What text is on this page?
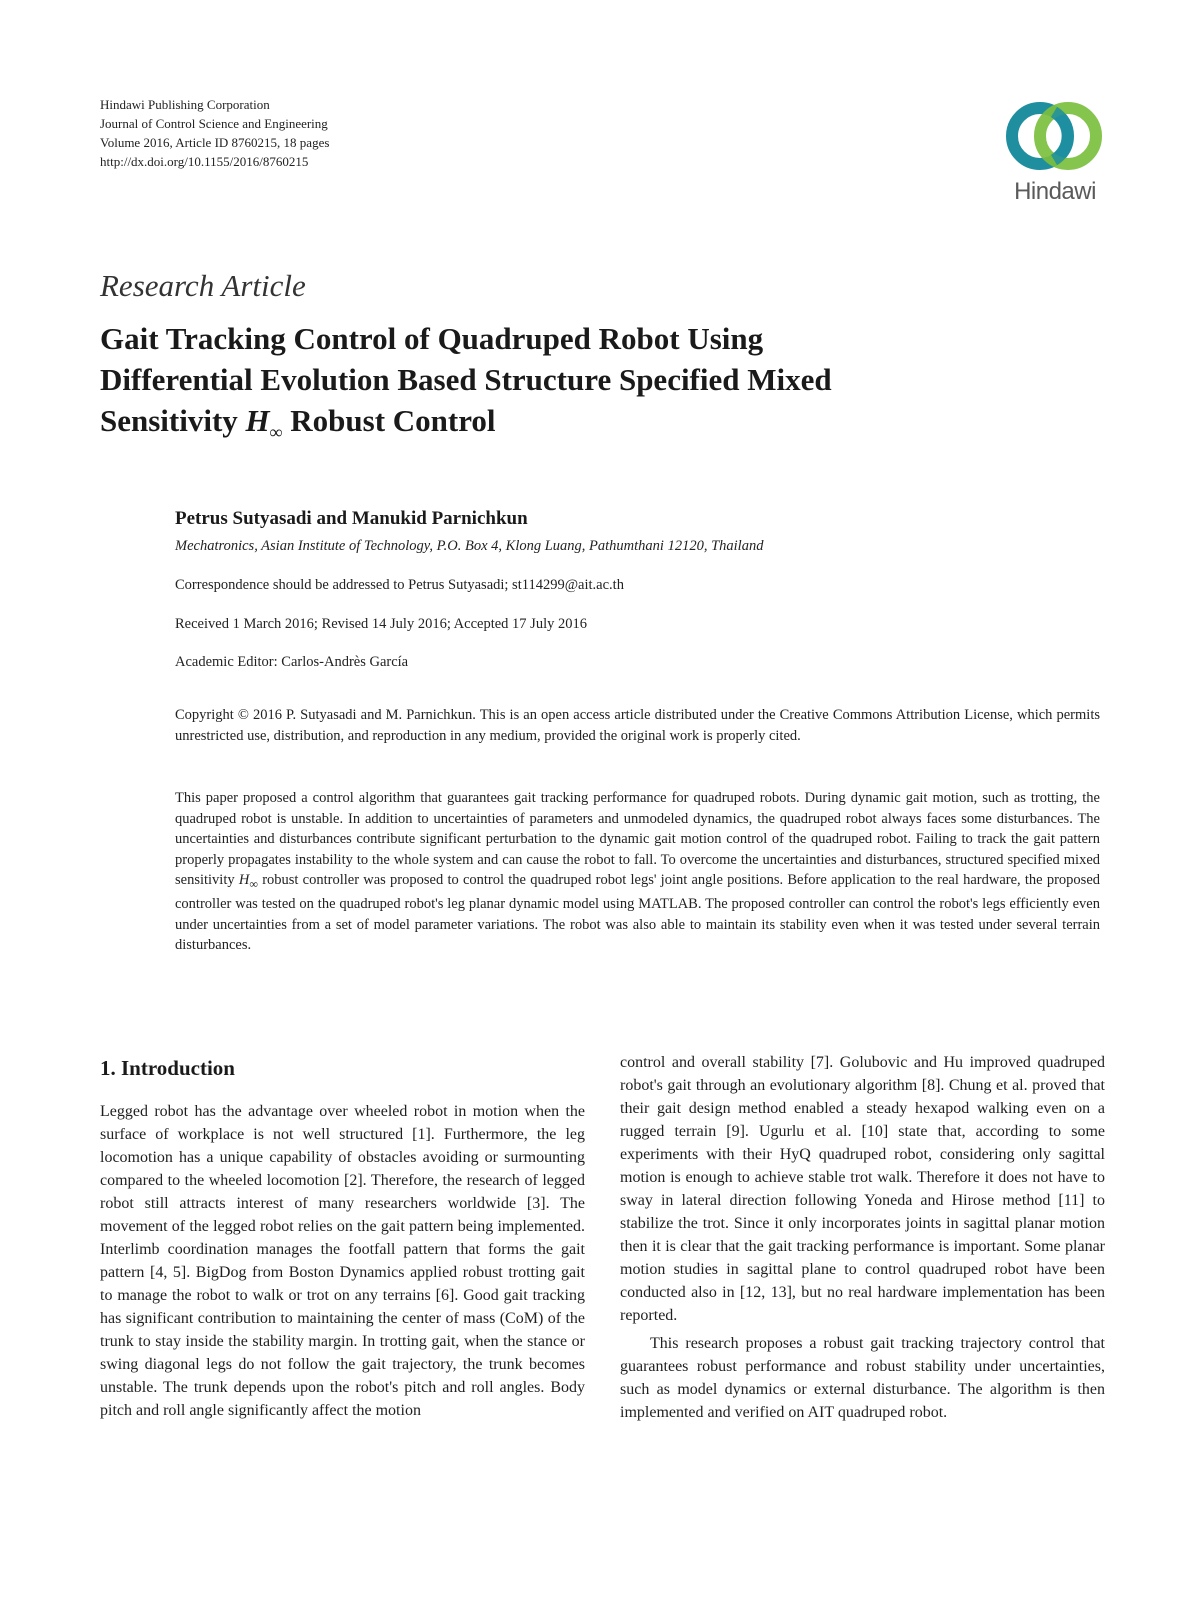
Hindawi Publishing Corporation
Journal of Control Science and Engineering
Volume 2016, Article ID 8760215, 18 pages
http://dx.doi.org/10.1155/2016/8760215
Hindawi
Research Article
Gait Tracking Control of Quadruped Robot Using
Differential Evolution Based Structure Specified Mixed
Sensitivity $H_\infty$ Robust Control
Petrus Sutyasadi and Manukid Parnichkun
Mechatronics, Asian Institute of Technology, P.O. Box 4, Klong Luang, Pathumthani 12120, Thailand
Correspondence should be addressed to Petrus Sutyasadi; st114299@ait.ac.th
Received 1 March 2016; Revised 14 July 2016; Accepted 17 July 2016
Academic Editor: Carlos-Andrès García
Copyright © 2016 P. Sutyasadi and M. Parnichkun. This is an open access article distributed under the Creative Commons Attribution License, which permits unrestricted use, distribution, and reproduction in any medium, provided the original work is properly cited.
This paper proposed a control algorithm that guarantees gait tracking performance for quadruped robots. During dynamic gait motion, such as trotting, the quadruped robot is unstable. In addition to uncertainties of parameters and unmodeled dynamics, the quadruped robot always faces some disturbances. The uncertainties and disturbances contribute significant perturbation to the dynamic gait motion control of the quadruped robot. Failing to track the gait pattern properly propagates instability to the whole system and can cause the robot to fall. To overcome the uncertainties and disturbances, structured specified mixed sensitivity $H_\infty$ robust controller was proposed to control the quadruped robot legs' joint angle positions. Before application to the real hardware, the proposed controller was tested on the quadruped robot's leg planar dynamic model using MATLAB. The proposed controller can control the robot's legs efficiently even under uncertainties from a set of model parameter variations. The robot was also able to maintain its stability even when it was tested under several terrain disturbances.
1. Introduction

Legged robot has the advantage over wheeled robot in motion when the surface of workplace is not well structured [1]. Furthermore, the leg locomotion has a unique capability of obstacles avoiding or surmounting compared to the wheeled locomotion [2]. Therefore, the research of legged robot still attracts interest of many researchers worldwide [3]. The movement of the legged robot relies on the gait pattern being implemented. Interlimb coordination manages the footfall pattern that forms the gait pattern [4, 5]. BigDog from Boston Dynamics applied robust trotting gait to manage the robot to walk or trot on any terrains [6]. Good gait tracking has significant contribution to maintaining the center of mass (CoM) of the trunk to stay inside the stability margin. In trotting gait, when the stance or swing diagonal legs do not follow the gait trajectory, the trunk becomes unstable. The trunk depends upon the robot's pitch and roll angles. Body pitch and roll angle significantly affect the motion

control and overall stability [7]. Golubovic and Hu improved quadruped robot's gait through an evolutionary algorithm [8]. Chung et al. proved that their gait design method enabled a steady hexapod walking even on a rugged terrain [9]. Ugurlu et al. [10] state that, according to some experiments with their HyQ quadruped robot, considering only sagittal motion is enough to achieve stable trot walk. Therefore it does not have to sway in lateral direction following Yoneda and Hirose method [11] to stabilize the trot. Since it only incorporates joints in sagittal planar motion then it is clear that the gait tracking performance is important. Some planar motion studies in sagittal plane to control quadruped robot have been conducted also in [12, 13], but no real hardware implementation has been reported.

This research proposes a robust gait tracking trajectory control that guarantees robust performance and robust stability under uncertainties, such as model dynamics or external disturbance. The algorithm is then implemented and verified on AIT quadruped robot.
